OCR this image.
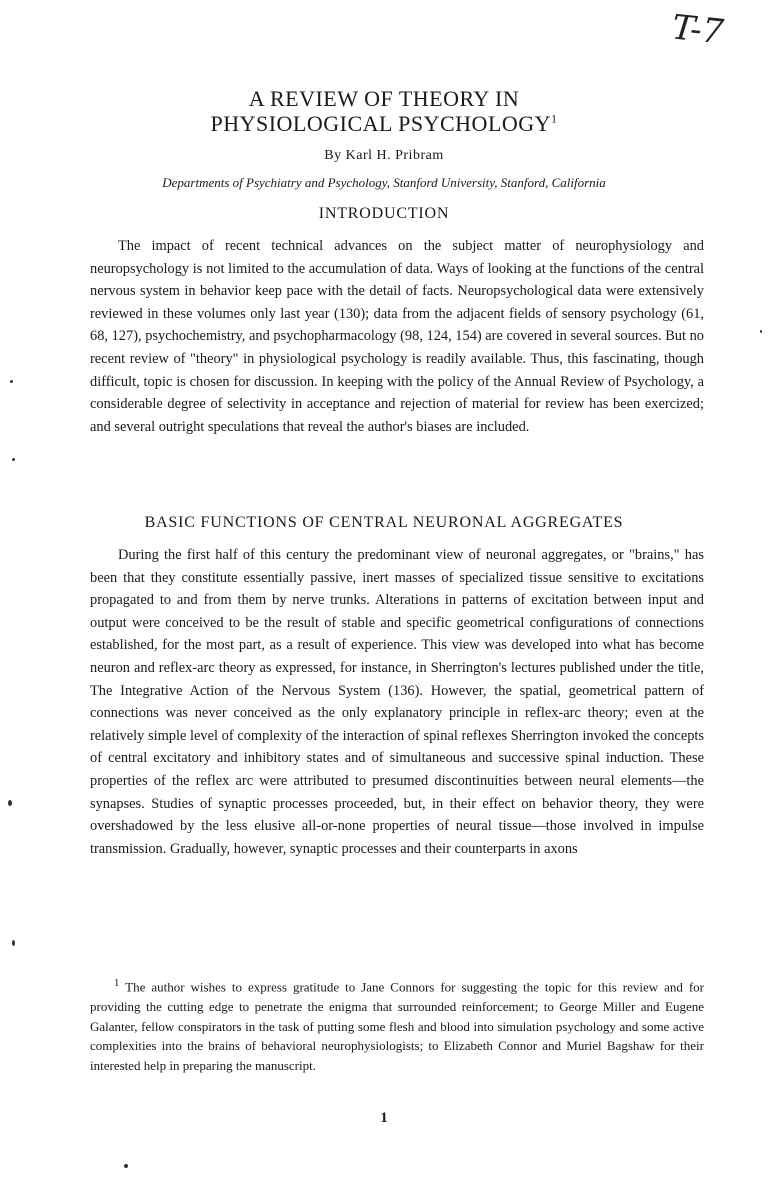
T-7
A REVIEW OF THEORY IN
PHYSIOLOGICAL PSYCHOLOGY$^1$
By Karl H. Pribram
Departments of Psychiatry and Psychology, Stanford University, Stanford, California
INTRODUCTION
The impact of recent technical advances on the subject matter of neurophysiology and neuropsychology is not limited to the accumulation of data. Ways of looking at the functions of the central nervous system in behavior keep pace with the detail of facts. Neuropsychological data were extensively reviewed in these volumes only last year (130); data from the adjacent fields of sensory psychology (61, 68, 127), psychochemistry, and psychopharmacology (98, 124, 154) are covered in several sources. But no recent review of "theory" in physiological psychology is readily available. Thus, this fascinating, though difficult, topic is chosen for discussion. In keeping with the policy of the Annual Review of Psychology, a considerable degree of selectivity in acceptance and rejection of material for review has been exercized; and several outright speculations that reveal the author's biases are included.
BASIC FUNCTIONS OF CENTRAL NEURONAL AGGREGATES
During the first half of this century the predominant view of neuronal aggregates, or "brains," has been that they constitute essentially passive, inert masses of specialized tissue sensitive to excitations propagated to and from them by nerve trunks. Alterations in patterns of excitation between input and output were conceived to be the result of stable and specific geometrical configurations of connections established, for the most part, as a result of experience. This view was developed into what has become neuron and reflex-arc theory as expressed, for instance, in Sherrington's lectures published under the title, The Integrative Action of the Nervous System (136). However, the spatial, geometrical pattern of connections was never conceived as the only explanatory principle in reflex-arc theory; even at the relatively simple level of complexity of the interaction of spinal reflexes Sherrington invoked the concepts of central excitatory and inhibitory states and of simultaneous and successive spinal induction. These properties of the reflex arc were attributed to presumed discontinuities between neural elements—the synapses. Studies of synaptic processes proceeded, but, in their effect on behavior theory, they were overshadowed by the less elusive all-or-none properties of neural tissue—those involved in impulse transmission. Gradually, however, synaptic processes and their counterparts in axons
$^1$ The author wishes to express gratitude to Jane Connors for suggesting the topic for this review and for providing the cutting edge to penetrate the enigma that surrounded reinforcement; to George Miller and Eugene Galanter, fellow conspirators in the task of putting some flesh and blood into simulation psychology and some active complexities into the brains of behavioral neurophysiologists; to Elizabeth Connor and Muriel Bagshaw for their interested help in preparing the manuscript.
1
